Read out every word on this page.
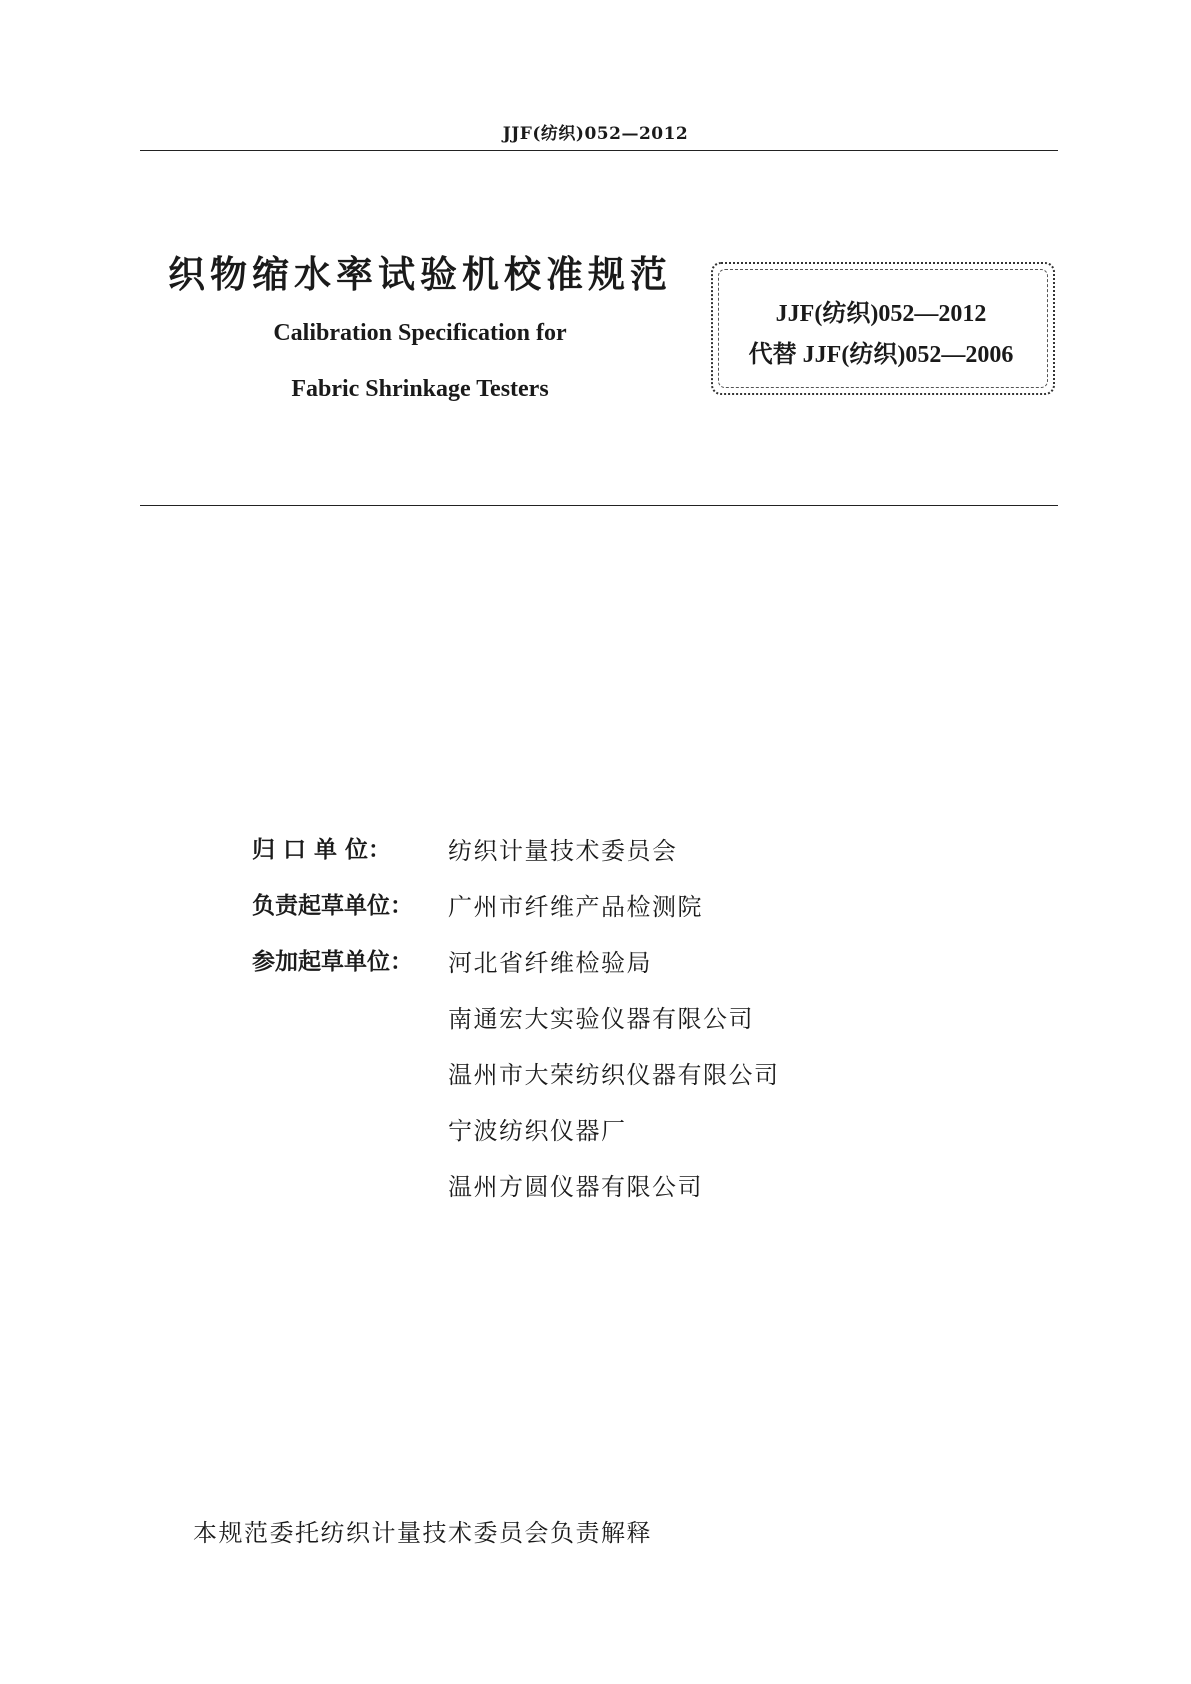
JJF(纺织)052—2012
织物缩水率试验机校准规范
Calibration Specification for
Fabric Shrinkage Testers
JJF(纺织)052—2012
代替 JJF(纺织)052—2006
归 口 单 位： 纺织计量技术委员会
负责起草单位： 广州市纤维产品检测院
参加起草单位： 河北省纤维检验局
南通宏大实验仪器有限公司
温州市大荣纺织仪器有限公司
宁波纺织仪器厂
温州方圆仪器有限公司
本规范委托纺织计量技术委员会负责解释
